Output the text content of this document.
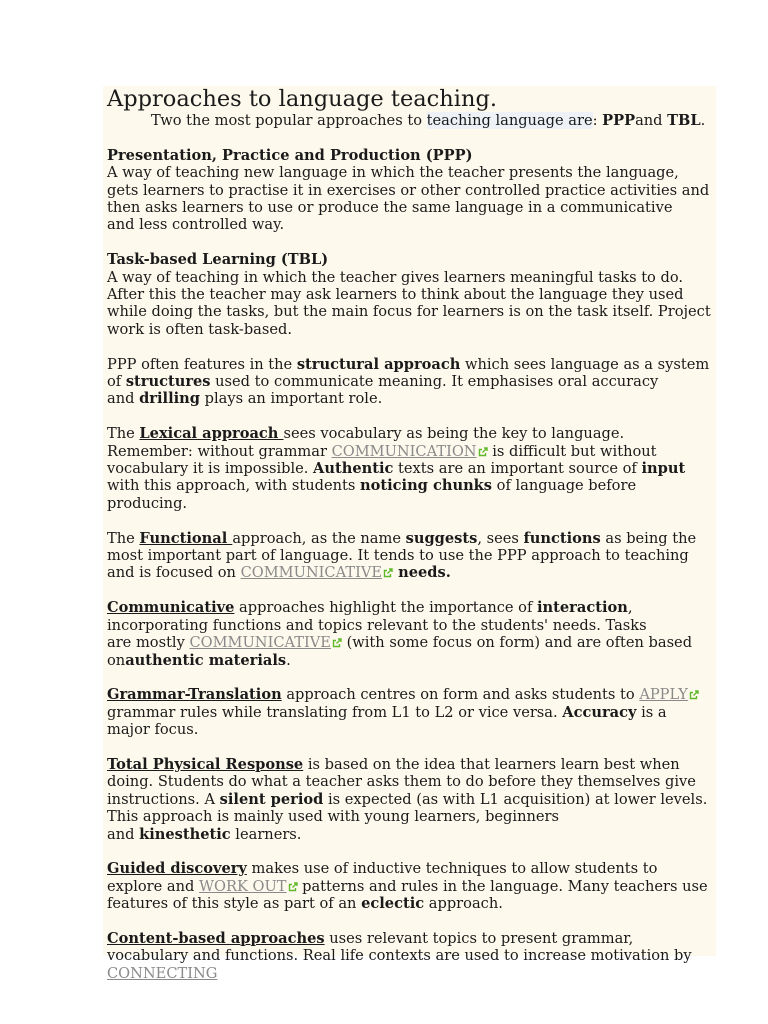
Approaches to language teaching.

Two the most popular approaches to teaching language are: PPPand TBL.

Presentation, Practice and Production (PPP)
A way of teaching new language in which the teacher presents the language, gets learners to practise it in exercises or other controlled practice activities and then asks learners to use or produce the same language in a communicative
and less controlled way.

Task-based Learning (TBL)
A way of teaching in which the teacher gives learners meaningful tasks to do. After this the teacher may ask learners to think about the language they used while doing the tasks, but the main focus for learners is on the task itself. Project work is often task-based.

PPP often features in the structural approach which sees language as a system of structures used to communicate meaning. It emphasises oral accuracy
and drilling plays an important role.

The Lexical approach sees vocabulary as being the key to language. Remember: without grammar COMMUNICATION is difficult but without vocabulary it is impossible. Authentic texts are an important source of input with this approach, with students noticing chunks of language before producing.

The Functional approach, as the name suggests, sees functions as being the most important part of language. It tends to use the PPP approach to teaching and is focused on COMMUNICATIVE needs.

Communicative approaches highlight the importance of interaction, incorporating functions and topics relevant to the students' needs. Tasks
are mostly COMMUNICATIVE (with some focus on form) and are often based onauthentic materials.

Grammar-Translation approach centres on form and asks students to APPLY grammar rules while translating from L1 to L2 or vice versa. Accuracy is a major focus.

Total Physical Response is based on the idea that learners learn best when doing. Students do what a teacher asks them to do before they themselves give instructions. A silent period is expected (as with L1 acquisition) at lower levels. This approach is mainly used with young learners, beginners
and kinesthetic learners.

Guided discovery makes use of inductive techniques to allow students to explore and WORK OUT patterns and rules in the language. Many teachers use features of this style as part of an eclectic approach.

Content-based approaches uses relevant topics to present grammar, vocabulary and functions. Real life contexts are used to increase motivation by CONNECTING
